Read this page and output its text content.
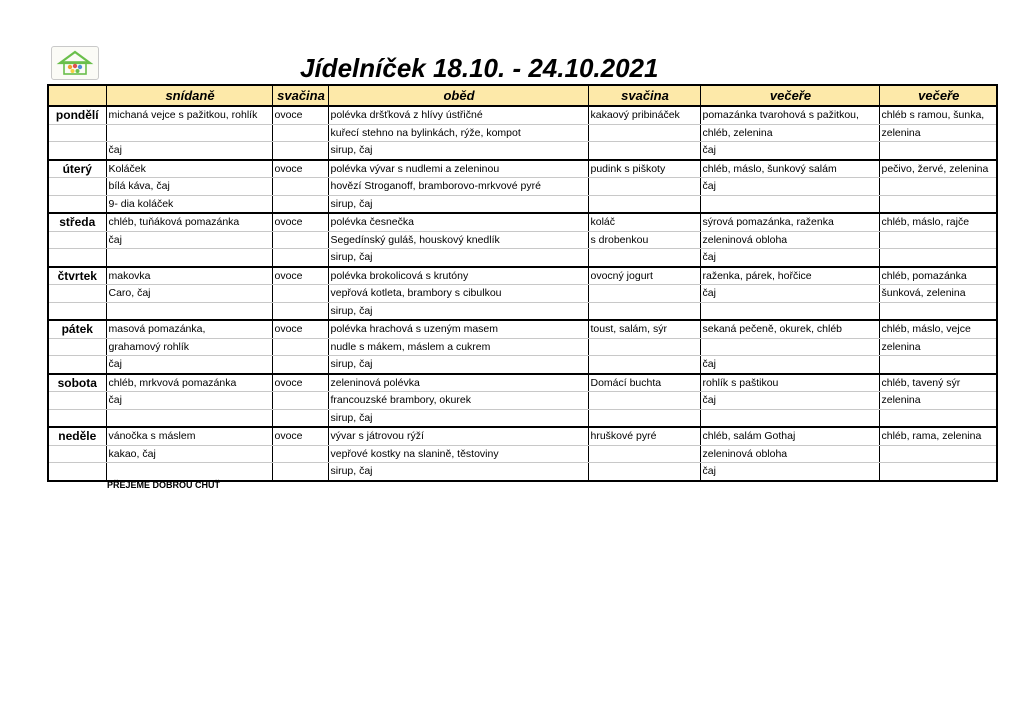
Jídelníček 18.10. - 24.10.2021
	snídaně	svačina	oběd	svačina	večeře	večeře
pondělí	michaná vejce s pažitkou, rohlík	ovoce	polévka dršťková z hlívy ústřičné	kakaový pribináček	pomazánka tvarohová s pažitkou,	chléb s ramou, šunka,
			kuřecí stehno na bylinkách, rýže, kompot		chléb, zelenina	zelenina
	čaj		sirup, čaj		čaj	
úterý	Koláček	ovoce	polévka vývar s nudlemi a zeleninou	pudink s piškoty	chléb, máslo, šunkový salám	pečivo, žervé, zelenina
	bílá káva, čaj		hovězí Stroganoff, bramborovo-mrkvové pyré		čaj	
	9- dia koláček		sirup, čaj			
středa	chléb, tuňáková pomazánka	ovoce	polévka česnečka	koláč	sýrová pomazánka, raženka	chléb, máslo, rajče
	čaj		Segedínský guláš, houskový knedlík	s drobenkou	zeleninová obloha	
			sirup, čaj		čaj	
čtvrtek	makovka	ovoce	polévka brokolicová s krutóny	ovocný jogurt	raženka, párek, hořčice	chléb, pomazánka
	Caro, čaj		vepřová kotleta, brambory s cibulkou		čaj	šunková, zelenina
			sirup, čaj			
pátek	masová pomazánka,	ovoce	polévka hrachová s uzeným masem	toust, salám, sýr	sekaná pečeně, okurek, chléb	chléb, máslo, vejce
	grahamový rohlík		nudle s mákem, máslem a cukrem			zelenina
	čaj		sirup, čaj		čaj	
sobota	chléb, mrkvová pomazánka	ovoce	zeleninová polévka	Domácí buchta	rohlík s paštikou	chléb, tavený sýr
	čaj		francouzské brambory, okurek		čaj	zelenina
			sirup, čaj			
neděle	vánočka s máslem	ovoce	vývar s játrovou rýží	hruškové pyré	chléb, salám Gothaj	chléb, rama, zelenina
	kakao, čaj		vepřové kostky na slanině, těstoviny		zeleninová obloha	
			sirup, čaj		čaj	
PŘEJEME DOBROU CHUŤ
